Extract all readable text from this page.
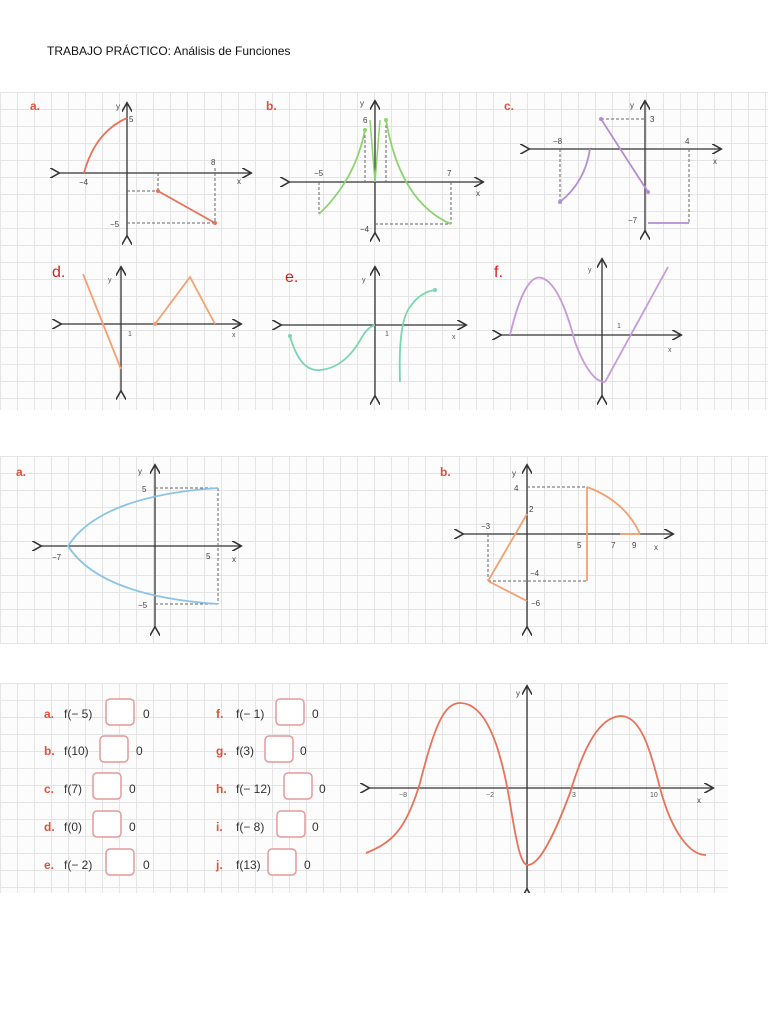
TRABAJO PRÁCTICO: Análisis de Funciones
a.	y
x
5
8
−4
−5
b.	y
x
6
−5	7
−4
c.	y
x
3
−8	4
−7
d.	y
x
1
e.	y
x
1
f.	y
x
1
a.	y
x
5
−7	5
−5
b.	y
x
4
2
−3
5	7 9
−4
−6
a. f(− 5)	0
b. f(10)	0
c. f(7)	0
d. f(0)	0
e. f(− 2)	0
f. f(− 1)	0
g. f(3)	0
h. f(− 12)	0
i. f(− 8)	0
j. f(13)	0
y
x
−8	−2	3	10
